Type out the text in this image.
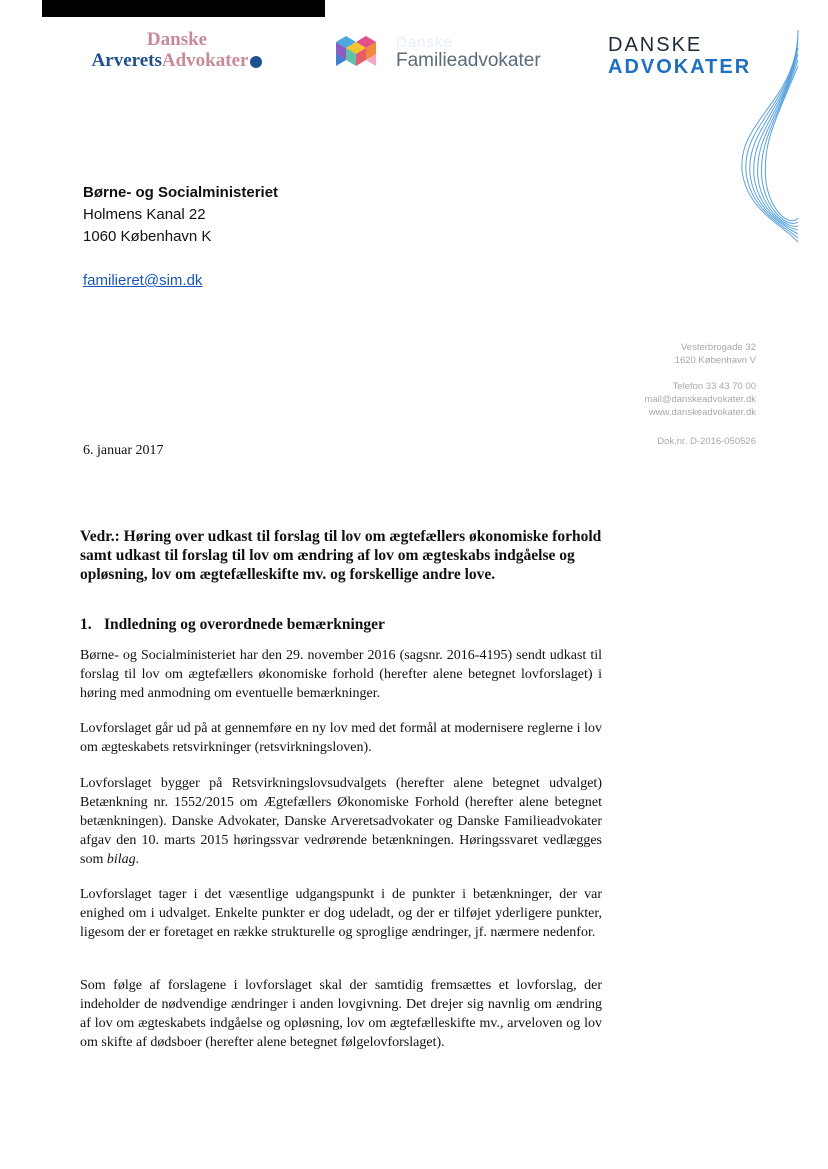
Danske
ArveretsAdvokater
Danske
Familieadvokater
DANSKE
ADVOKATER
Børne- og Socialministeriet
Holmens Kanal 22
1060 København K
familieret@sim.dk
Vesterbrogade 32
1620 København V
Telefon 33 43 70 00
mail@danskeadvokater.dk
www.danskeadvokater.dk
Dok.nr. D-2016-050526
6. januar 2017
Vedr.: Høring over udkast til forslag til lov om ægtefællers økonomiske forhold samt udkast til forslag til lov om ændring af lov om ægteskabs indgåelse og opløsning, lov om ægtefælleskifte mv. og forskellige andre love.
1. Indledning og overordnede bemærkninger
Børne- og Socialministeriet har den 29. november 2016 (sagsnr. 2016-4195) sendt udkast til forslag til lov om ægtefællers økonomiske forhold (herefter alene betegnet lovforslaget) i høring med anmodning om eventuelle bemærkninger.
Lovforslaget går ud på at gennemføre en ny lov med det formål at modernisere reglerne i lov om ægteskabets retsvirkninger (retsvirkningsloven).
Lovforslaget bygger på Retsvirkningslovsudvalgets (herefter alene betegnet udvalget) Betænkning nr. 1552/2015 om Ægtefællers Økonomiske Forhold (herefter alene betegnet betænkningen). Danske Advokater, Danske Arveretsadvokater og Danske Familieadvokater afgav den 10. marts 2015 høringssvar vedrørende betænkningen. Høringssvaret vedlægges som bilag.
Lovforslaget tager i det væsentlige udgangspunkt i de punkter i betænkninger, der var enighed om i udvalget. Enkelte punkter er dog udeladt, og der er tilføjet yderligere punkter, ligesom der er foretaget en række strukturelle og sproglige ændringer, jf. nærmere nedenfor.
Som følge af forslagene i lovforslaget skal der samtidig fremsættes et lovforslag, der indeholder de nødvendige ændringer i anden lovgivning. Det drejer sig navnlig om ændring af lov om ægteskabets indgåelse og opløsning, lov om ægtefælleskifte mv., arveloven og lov om skifte af dødsboer (herefter alene betegnet følgelovforslaget).
